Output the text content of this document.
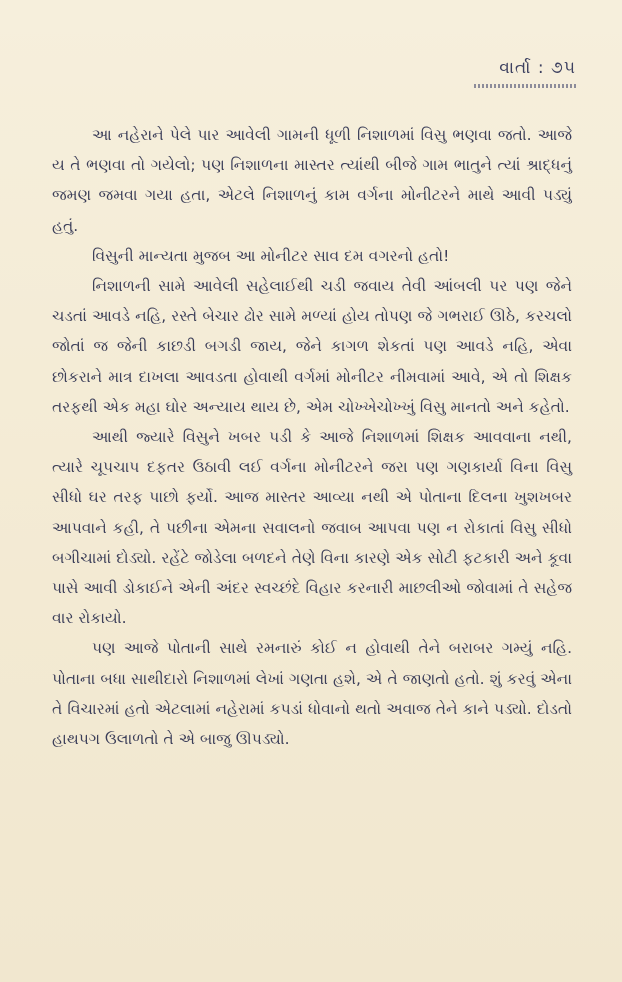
વાર્તા : ૭૫

આ નહેરાને પેલે પાર આવેલી ગામની ધૂળી નિશાળમાં વિસુ ભણવા જતો. આજે ય તે ભણવા તો ગયેલો; પણ નિશાળના માસ્તર ત્યાંથી બીજે ગામ ભાતુને ત્યાં શ્રાદ્ધનું જમણ જમવા ગયા હતા, એટલે નિશાળનું કામ વર્ગના મોનીટરને માથે આવી પડ્યું હતું.

વિસુની માન્યતા મુજબ આ મોનીટર સાવ દમ વગરનો હતો!

નિશાળની સામે આવેલી સહેલાઈથી ચડી જવાય તેવી આંબલી પર પણ જેને ચડતાં આવડે નહિ, રસ્તે બેચાર ઢોર સામે મળ્યાં હોય તોપણ જે ગભરાઈ ઊઠે, કરચલો જોતાં જ જેની કાછડી બગડી જાય, જેને કાગળ શેકતાં પણ આવડે નહિ, એવા છોકરાને માત્ર દાખલા આવડતા હોવાથી વર્ગમાં મોનીટર નીમવામાં આવે, એ તો શિક્ષક તરફથી એક મહા ઘોર અન્યાય થાય છે, એમ ચોખ્ખેચોખ્ખું વિસુ માનતો અને કહેતો.

આથી જ્યારે વિસુને ખબર પડી કે આજે નિશાળમાં શિક્ષક આવવાના નથી, ત્યારે ચૂપચાપ દફતર ઉઠાવી લઈ વર્ગના મોનીટરને જરા પણ ગણકાર્યા વિના વિસુ સીધો ઘર તરફ પાછો ફર્યો. આજ માસ્તર આવ્યા નથી એ પોતાના દિલના ખુશખબર આપવાને કહી, તે પછીના એમના સવાલનો જવાબ આપવા પણ ન રોકાતાં વિસુ સીધો બગીચામાં દોડ્યો. રહેંટે જોડેલા બળદને તેણે વિના કારણે એક સોટી ફટકારી અને કૂવા પાસે આવી ડોકાઈને એની અંદર સ્વચ્છંદે વિહાર કરનારી માછલીઓ જોવામાં તે સહેજ વાર રોકાયો.

પણ આજે પોતાની સાથે રમનારું કોઈ ન હોવાથી તેને બરાબર ગમ્યું નહિ. પોતાના બધા સાથીદારો નિશાળમાં લેખાં ગણતા હશે, એ તે જાણતો હતો. શું કરવું એના તે વિચારમાં હતો એટલામાં નહેરામાં કપડાં ધોવાનો થતો અવાજ તેને કાને પડ્યો. દોડતો હાથપગ ઉલાળતો તે એ બાજુ ઊપડ્યો.
